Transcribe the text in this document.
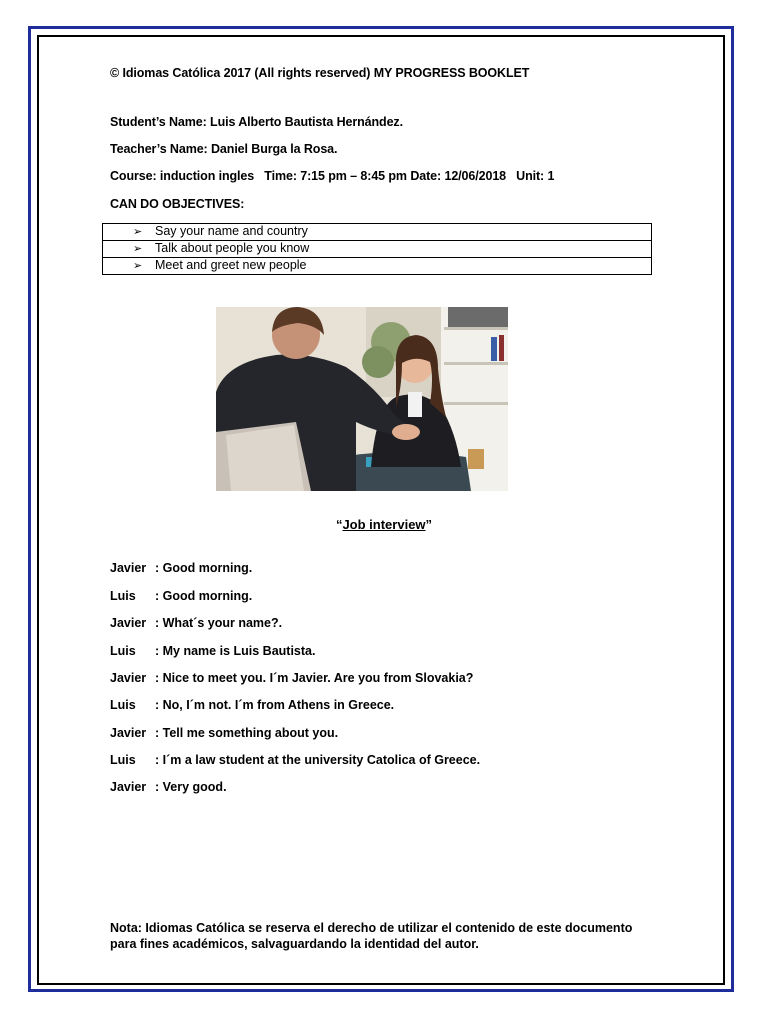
© Idiomas Católica 2017 (All rights reserved) MY PROGRESS BOOKLET
Student’s Name: Luis Alberto Bautista Hernández.
Teacher’s Name: Daniel Burga la Rosa.
Course: induction ingles Time: 7:15 pm – 8:45 pm Date: 12/06/2018 Unit: 1
CAN DO OBJECTIVES:
➢ Say your name and country
➢ Talk about people you know
➢ Meet and greet new people
“Job interview”
Javier : Good morning.
Luis	: Good morning.
Javier : What´s your name?.
Luis	: My name is Luis Bautista.
Javier : Nice to meet you. I´m Javier. Are you from Slovakia?
Luis	: No, I´m not. I´m from Athens in Greece.
Javier : Tell me something about you.
Luis	: I´m a law student at the university Catolica of Greece.
Javier : Very good.
Nota: Idiomas Católica se reserva el derecho de utilizar el contenido de este documento para fines académicos, salvaguardando la identidad del autor.
